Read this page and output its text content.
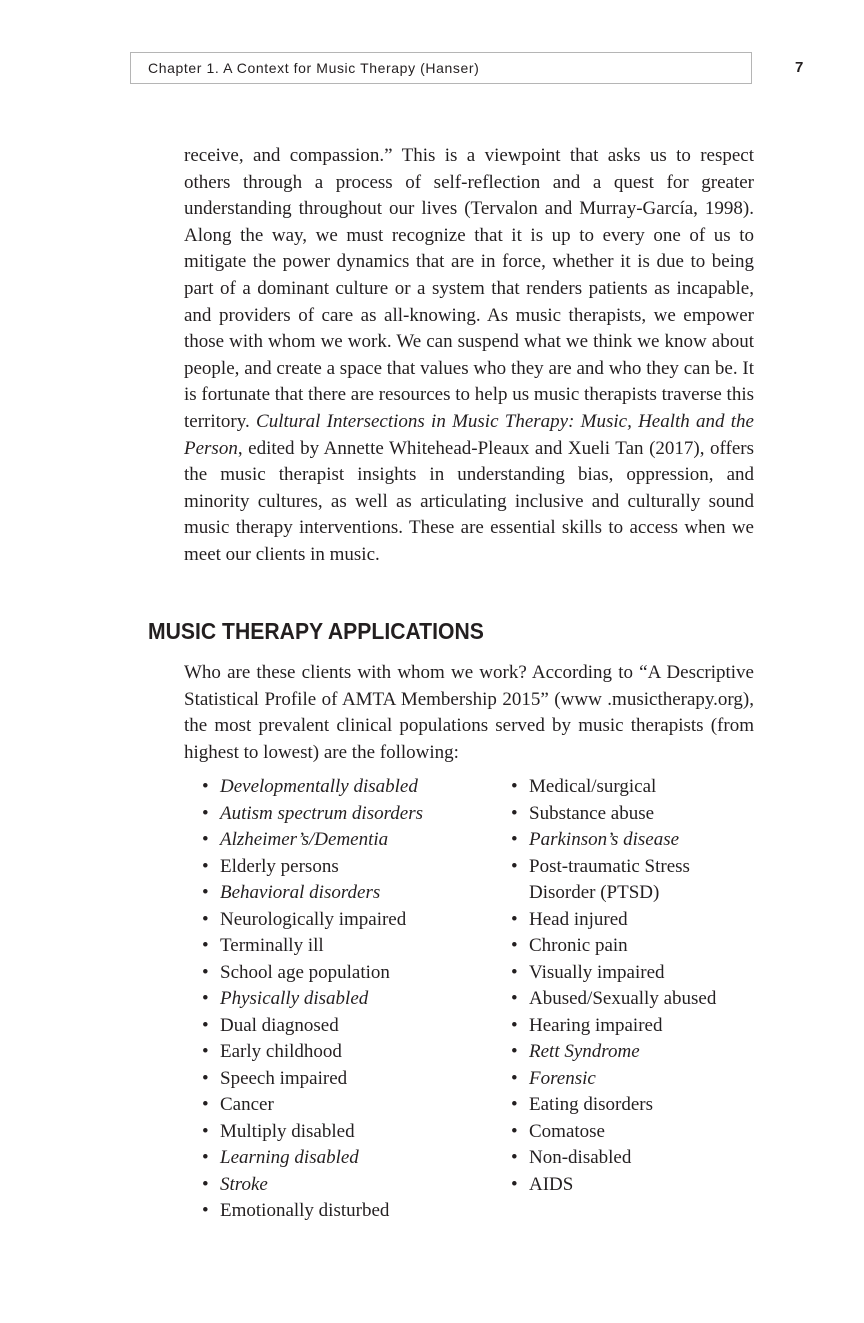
Chapter 1. A Context for Music Therapy (Hanser)	7

receive, and compassion.” This is a viewpoint that asks us to respect others through a process of self-reflection and a quest for greater understanding throughout our lives (Tervalon and Murray-García, 1998). Along the way, we must recognize that it is up to every one of us to mitigate the power dynamics that are in force, whether it is due to being part of a dominant culture or a system that renders patients as incapable, and providers of care as all-knowing. As music therapists, we empower those with whom we work. We can suspend what we think we know about people, and create a space that values who they are and who they can be. It is fortunate that there are resources to help us music therapists traverse this territory. Cultural Intersections in Music Therapy: Music, Health and the Person, edited by Annette Whitehead-Pleaux and Xueli Tan (2017), offers the music therapist insights in understanding bias, oppression, and minority cultures, as well as articulating inclusive and culturally sound music therapy interventions. These are essential skills to access when we meet our clients in music.

MUSIC THERAPY APPLICATIONS

Who are these clients with whom we work? According to “A Descriptive Statistical Profile of AMTA Membership 2015” (www .musictherapy.org), the most prevalent clinical populations served by music therapists (from highest to lowest) are the following:

• Developmentally disabled
• Autism spectrum disorders
• Alzheimer’s/Dementia
• Elderly persons
• Behavioral disorders
• Neurologically impaired
• Terminally ill
• School age population
• Physically disabled
• Dual diagnosed
• Early childhood
• Speech impaired
• Cancer
• Multiply disabled
• Learning disabled
• Stroke
• Emotionally disturbed
• Medical/surgical
• Substance abuse
• Parkinson’s disease
• Post-traumatic Stress Disorder (PTSD)
• Head injured
• Chronic pain
• Visually impaired
• Abused/Sexually abused
• Hearing impaired
• Rett Syndrome
• Forensic
• Eating disorders
• Comatose
• Non-disabled
• AIDS
